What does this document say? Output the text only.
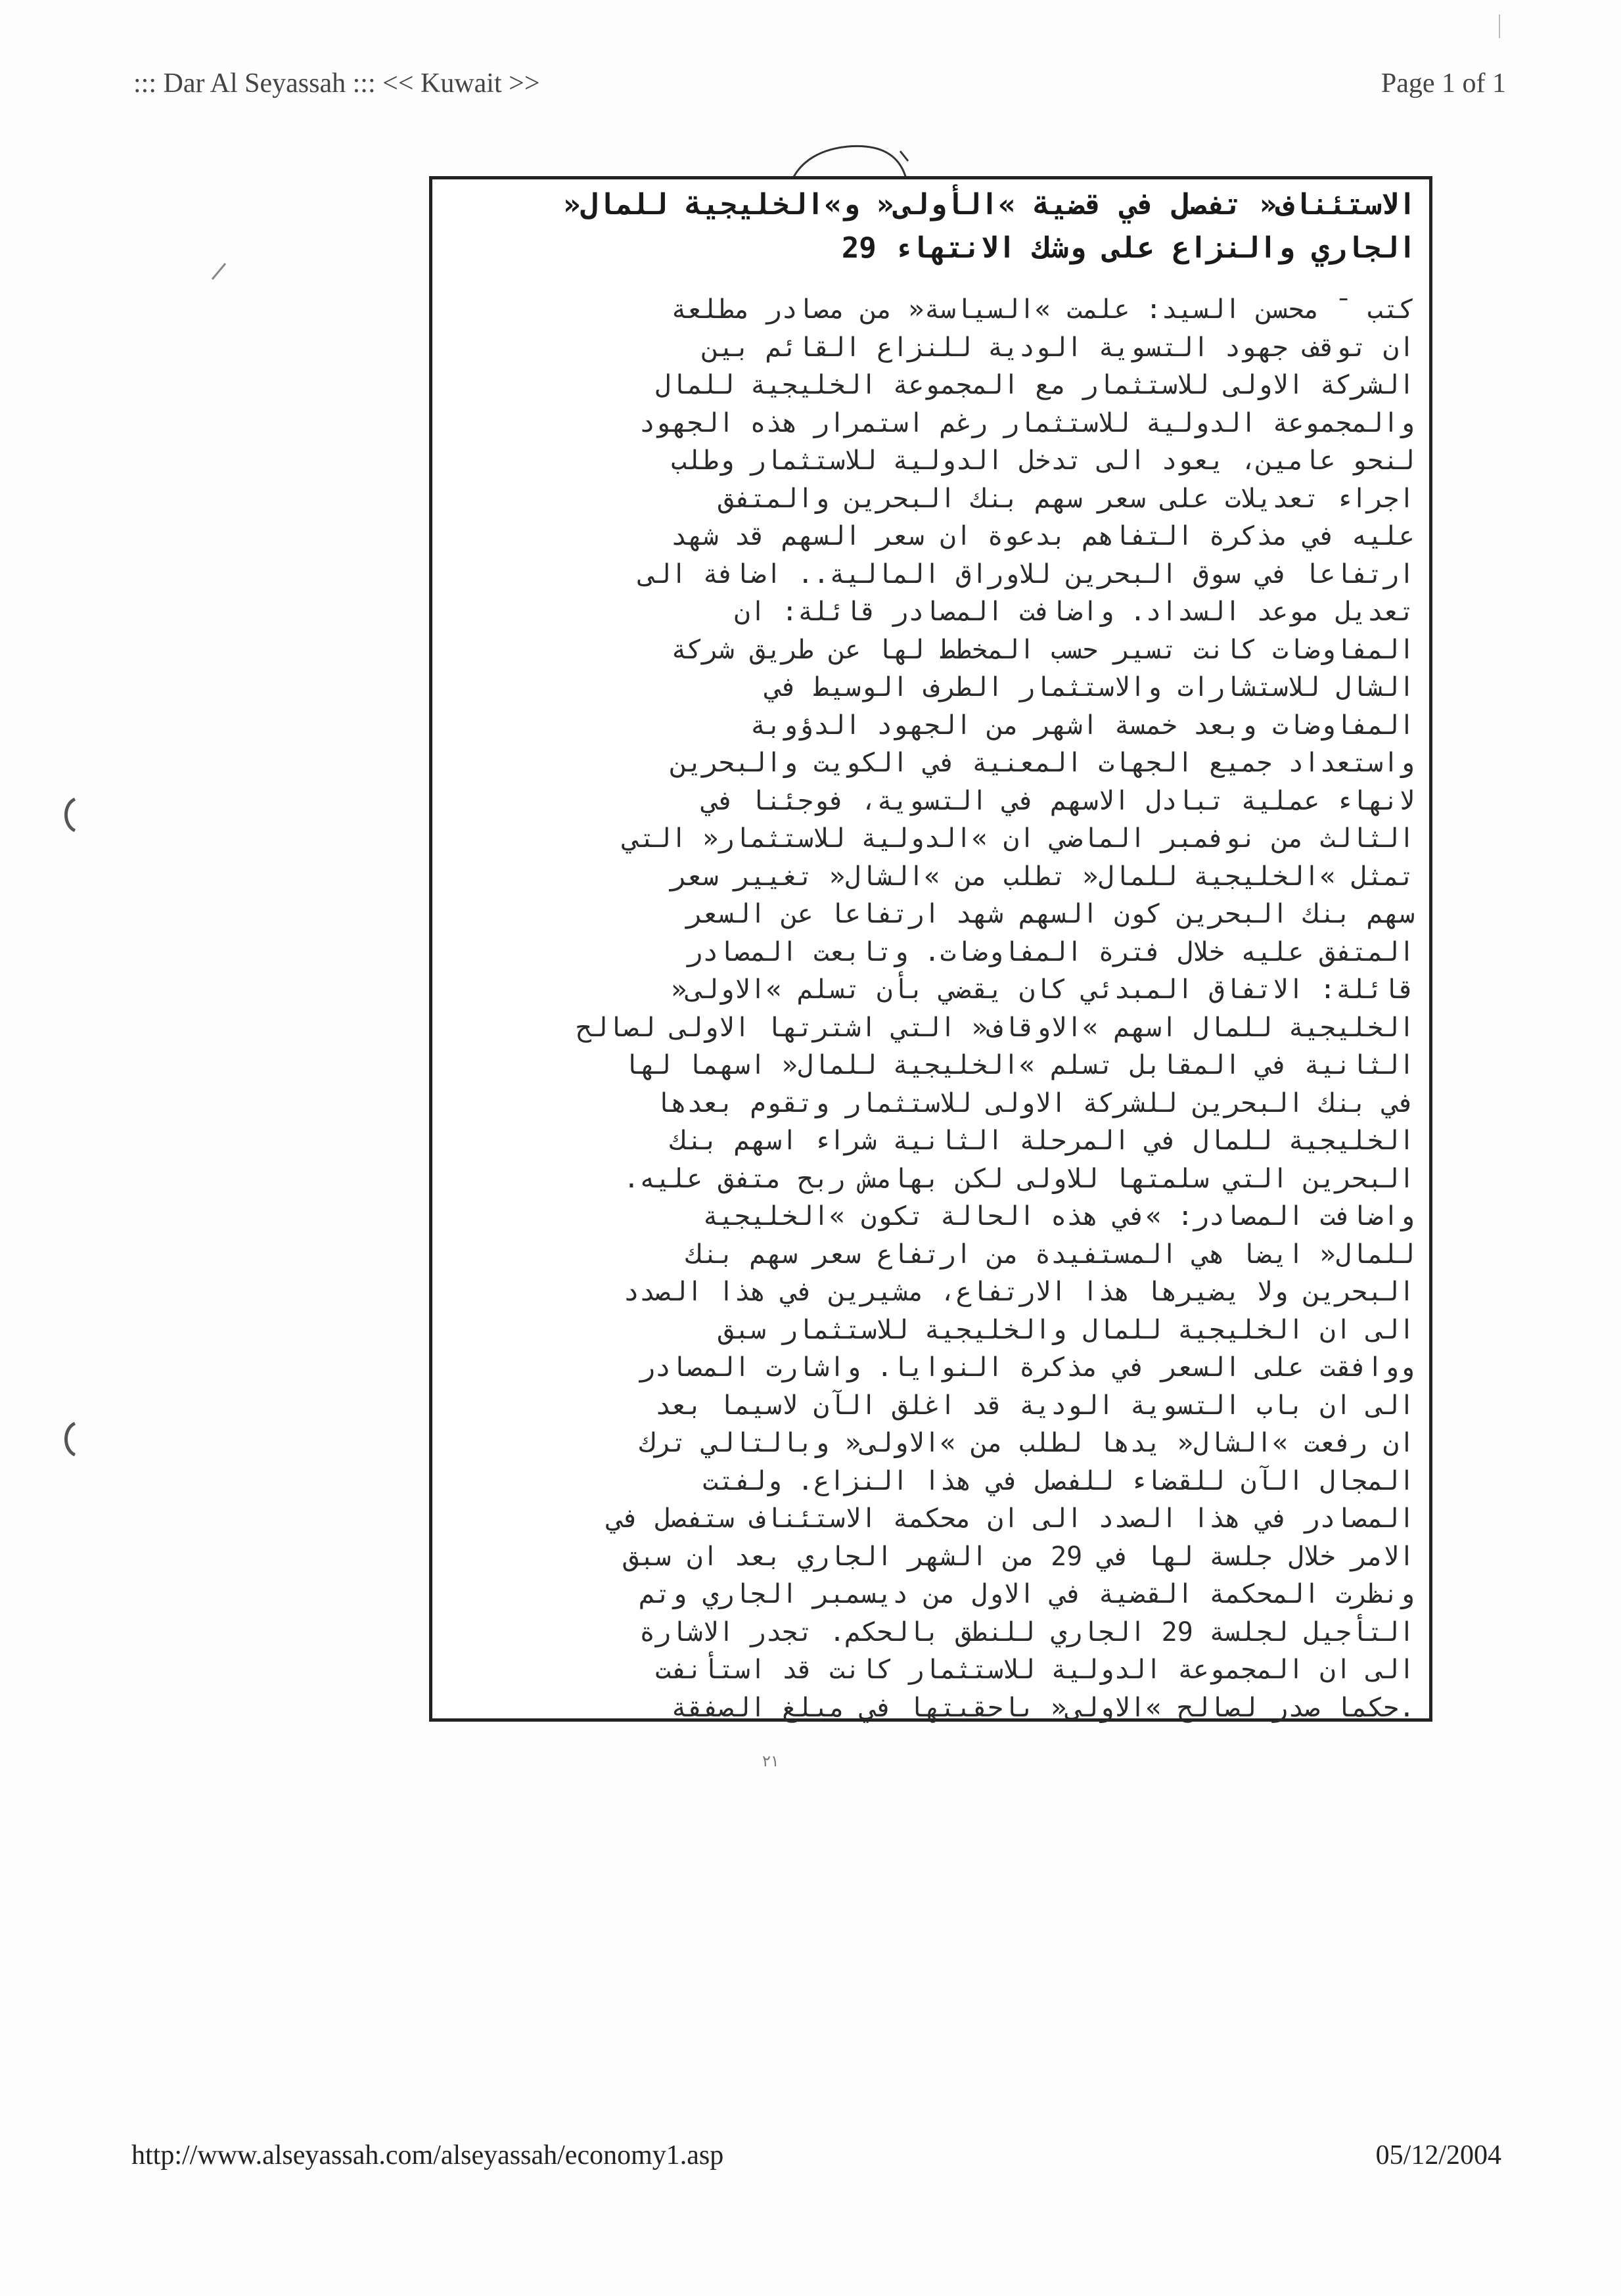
::: Dar Al Seyassah ::: << Kuwait >>	Page 1 of 1
الاستئناف« تفصل في قضية »الأولى« و»الخليجية للمال«
الجاري والنزاع على وشك الانتهاء 29
كتب ¯ محسن السيد: علمت »السياسة« من مصادر مطلعة
ان توقف جهود التسوية الودية للنزاع القائم بين
الشركة الاولى للاستثمار مع المجموعة الخليجية للمال
والمجموعة الدولية للاستثمار رغم استمرار هذه الجهود
لنحو عامين، يعود الى تدخل الدولية للاستثمار وطلب
اجراء تعديلات على سعر سهم بنك البحرين والمتفق
عليه في مذكرة التفاهم بدعوة ان سعر السهم قد شهد
ارتفاعا في سوق البحرين للاوراق المالية.. اضافة الى
تعديل موعد السداد. واضافت المصادر قائلة: ان
المفاوضات كانت تسير حسب المخطط لها عن طريق شركة
الشال للاستشارات والاستثمار الطرف الوسيط في
المفاوضات وبعد خمسة اشهر من الجهود الدؤوبة
واستعداد جميع الجهات المعنية في الكويت والبحرين
لانهاء عملية تبادل الاسهم في التسوية، فوجئنا في
الثالث من نوفمبر الماضي ان »الدولية للاستثمار« التي
تمثل »الخليجية للمال« تطلب من »الشال« تغيير سعر
سهم بنك البحرين كون السهم شهد ارتفاعا عن السعر
المتفق عليه خلال فترة المفاوضات. وتابعت المصادر
قائلة: الاتفاق المبدئي كان يقضي بأن تسلم »الاولى«
الخليجية للمال اسهم »الاوقاف« التي اشترتها الاولى لصالح
الثانية في المقابل تسلم »الخليجية للمال« اسهما لها
في بنك البحرين للشركة الاولى للاستثمار وتقوم بعدها
الخليجية للمال في المرحلة الثانية شراء اسهم بنك
البحرين التي سلمتها للاولى لكن بهامش ربح متفق عليه.
واضافت المصادر: »في هذه الحالة تكون »الخليجية
للمال« ايضا هي المستفيدة من ارتفاع سعر سهم بنك
البحرين ولا يضيرها هذا الارتفاع، مشيرين في هذا الصدد
الى ان الخليجية للمال والخليجية للاستثمار سبق
ووافقت على السعر في مذكرة النوايا. واشارت المصادر
الى ان باب التسوية الودية قد اغلق الآن لاسيما بعد
ان رفعت »الشال« يدها لطلب من »الاولى« وبالتالي ترك
المجال الآن للقضاء للفصل في هذا النزاع. ولفتت
المصادر في هذا الصدد الى ان محكمة الاستئناف ستفصل في
الامر خلال جلسة لها في 29 من الشهر الجاري بعد ان سبق
ونظرت المحكمة القضية في الاول من ديسمبر الجاري وتم
التأجيل لجلسة 29 الجاري للنطق بالحكم. تجدر الاشارة
الى ان المجموعة الدولية للاستثمار كانت قد استأنفت
.حكما صدر لصالح »الاولى« باحقيتها في مبلغ الصفقة
٢١
http://www.alseyassah.com/alseyassah/economy1.asp	05/12/2004
